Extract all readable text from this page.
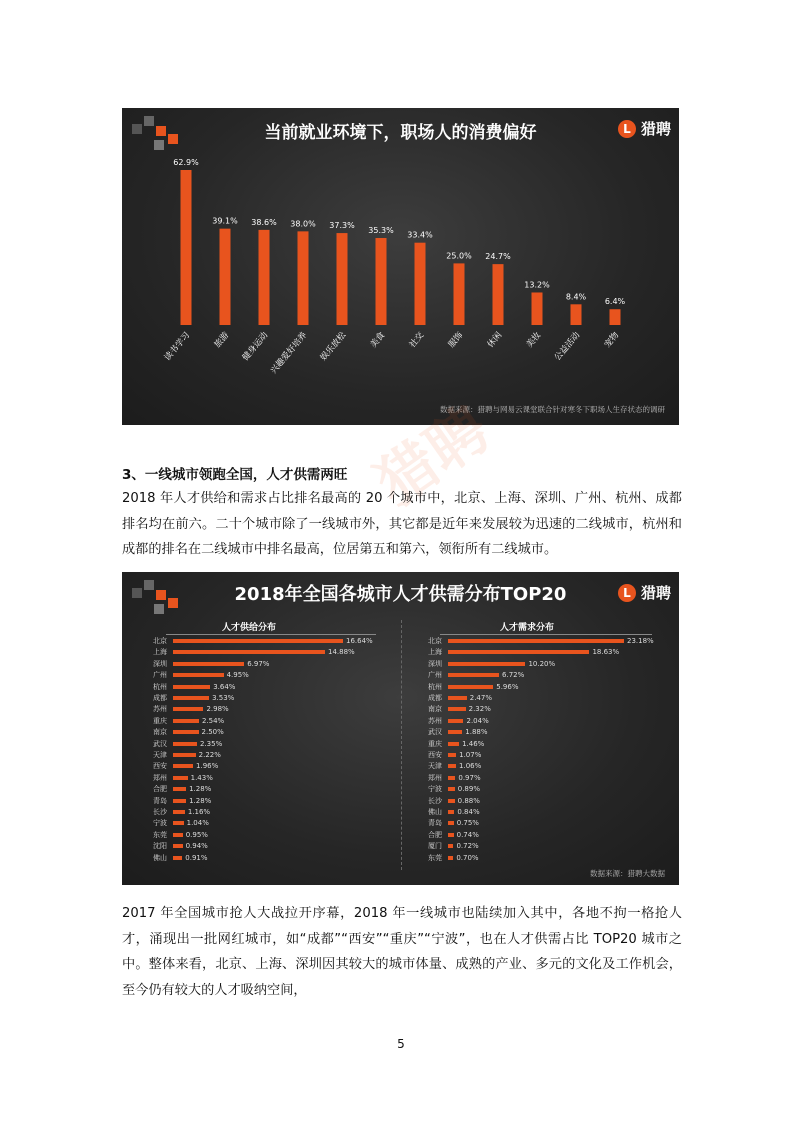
当前就业环境下，职场人的消费偏好	L 猎聘
62.9%
读书学习
39.1%
旅游
38.6%
健身运动
38.0%
兴趣爱好培养
37.3%
娱乐放松
35.3%
美食
33.4%
社交
25.0%
服饰
24.7%
休闲
13.2%
美妆
8.4%
公益活动
6.4%
宠物
数据来源：猎聘与网易云课堂联合针对寒冬下职场人生存状态的调研
猎聘
3、一线城市领跑全国，人才供需两旺
2018 年人才供给和需求占比排名最高的 20 个城市中，北京、上海、深圳、广州、杭州、成都排名均在前六。二十个城市除了一线城市外，其它都是近年来发展较为迅速的二线城市，杭州和成都的排名在二线城市中排名最高，位居第五和第六，领衔所有二线城市。
2018年全国各城市人才供需分布TOP20	L 猎聘
人才供给分布	人才需求分布
北京	16.64%
上海	14.88%
深圳	6.97%
广州	4.95%
杭州	3.64%
成都	3.53%
苏州	2.98%
重庆	2.54%
南京	2.50%
武汉	2.35%
天津	2.22%
西安	1.96%
郑州	1.43%
合肥	1.28%
青岛	1.28%
长沙	1.16%
宁波	1.04%
东莞	0.95%
沈阳	0.94%
佛山	0.91%
北京	23.18%
上海	18.63%
深圳	10.20%
广州	6.72%
杭州	5.96%
成都	2.47%
南京	2.32%
苏州	2.04%
武汉	1.88%
重庆	1.46%
西安 1.07%
天津 1.06%
郑州 0.97%
宁波 0.89%
长沙 0.88%
佛山 0.84%
青岛 0.75%
合肥 0.74%
厦门 0.72%
东莞 0.70%
数据来源：猎聘大数据
2017 年全国城市抢人大战拉开序幕，2018 年一线城市也陆续加入其中，各地不拘一格抢人才，涌现出一批网红城市，如“成都”“西安”“重庆”“宁波”，也在人才供需占比 TOP20 城市之中。整体来看，北京、上海、深圳因其较大的城市体量、成熟的产业、多元的文化及工作机会，至今仍有较大的人才吸纳空间，
5
